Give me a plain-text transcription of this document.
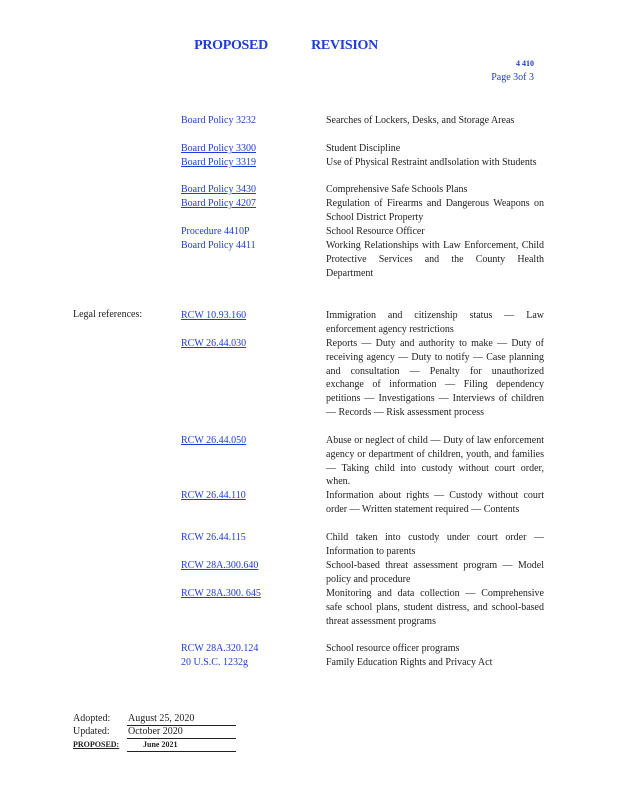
PROPOSED	REVISION
4 410
Page 3of 3
Board Policy 3232	Searches of Lockers, Desks, and Storage Areas
Board Policy 3300	Student Discipline
Board Policy 3319	Use of Physical Restraint andIsolation with Students
Board Policy 3430	Comprehensive Safe Schools Plans
Board Policy 4207	Regulation of Firearms and Dangerous Weapons on School District Property
Procedure 4410P	School Resource Officer
Board Policy 4411	Working Relationships with Law Enforcement, Child Protective Services and the County Health Department
Legal references:	RCW 10.93.160	Immigration and citizenship status — Law enforcement agency restrictions
RCW 26.44.030	Reports — Duty and authority to make — Duty of receiving agency — Duty to notify — Case planning and consultation — Penalty for unauthorized exchange of information — Filing dependency petitions — Investigations — Interviews of children — Records — Risk assessment process
RCW 26.44.050	Abuse or neglect of child — Duty of law enforcement agency or department of children, youth, and families — Taking child into custody without court order, when.
RCW 26.44.110	Information about rights — Custody without court order — Written statement required — Contents
RCW 26.44.115	Child taken into custody under court order — Information to parents
RCW 28A.300.640	School-based threat assessment program — Model policy and procedure
RCW 28A.300. 645	Monitoring and data collection — Comprehensive safe school plans, student distress, and school-based threat assessment programs
RCW 28A.320.124	School resource officer programs
20 U.S.C. 1232g	Family Education Rights and Privacy Act
Adopted: August 25, 2020
Updated: October 2020
PROPOSED:	June 2021
